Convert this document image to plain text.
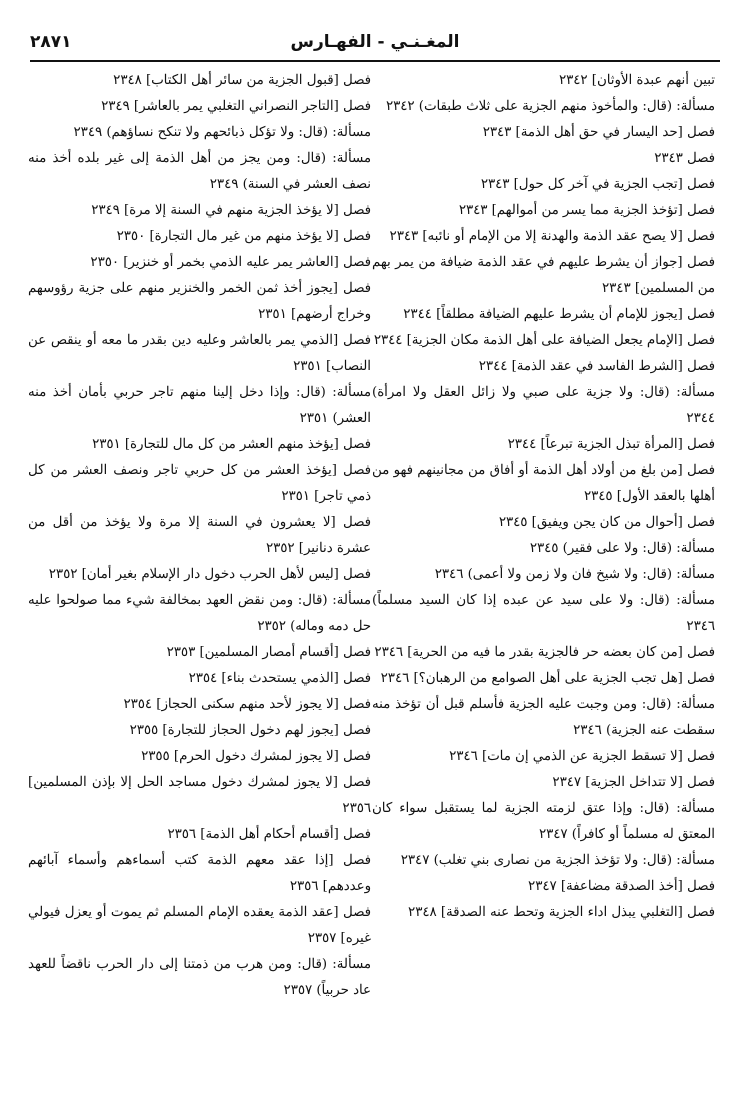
المغـنـي - الفهـارس
٢٨٧١

تبين أنهم عبدة الأوثان] ٢٣٤٢

مسألة: (قال: والمأخوذ منهم الجزية على ثلاث طبقات) ٢٣٤٢

فصل [حد اليسار في حق أهل الذمة] ٢٣٤٣

فصل ٢٣٤٣

فصل [تجب الجزية في آخر كل حول] ٢٣٤٣

فصل [تؤخذ الجزية مما يسر من أموالهم] ٢٣٤٣

فصل [لا يصح عقد الذمة والهدنة إلا من الإمام أو نائبه] ٢٣٤٣

فصل [جواز أن يشرط عليهم في عقد الذمة ضيافة من يمر بهم من المسلمين] ٢٣٤٣

فصل [يجوز للإمام أن يشرط عليهم الضيافة مطلقاً] ٢٣٤٤

فصل [الإمام يجعل الضيافة على أهل الذمة مكان الجزية] ٢٣٤٤

فصل [الشرط الفاسد في عقد الذمة] ٢٣٤٤

مسألة: (قال: ولا جزية على صبي ولا زائل العقل ولا امرأة) ٢٣٤٤

فصل [المرأة تبذل الجزية تبرعاً] ٢٣٤٤

فصل [من بلغ من أولاد أهل الذمة أو أفاق من مجانينهم فهو من أهلها بالعقد الأول] ٢٣٤٥

فصل [أحوال من كان يجن ويفيق] ٢٣٤٥

مسألة: (قال: ولا على فقير) ٢٣٤٥

مسألة: (قال: ولا شيخ فان ولا زمن ولا أعمى) ٢٣٤٦

مسألة: (قال: ولا على سيد عن عبده إذا كان السيد مسلماً) ٢٣٤٦

فصل [من كان بعضه حر فالجزية بقدر ما فيه من الحرية] ٢٣٤٦

فصل [هل تجب الجزية على أهل الصوامع من الرهبان؟] ٢٣٤٦

مسألة: (قال: ومن وجبت عليه الجزية فأسلم قبل أن تؤخذ منه سقطت عنه الجزية) ٢٣٤٦

فصل [لا تسقط الجزية عن الذمي إن مات] ٢٣٤٦

فصل [لا تتداخل الجزية] ٢٣٤٧

مسألة: (قال: وإذا عتق لزمته الجزية لما يستقبل سواء كان المعتق له مسلماً أو كافراً) ٢٣٤٧

مسألة: (قال: ولا تؤخذ الجزية من نصارى بني تغلب) ٢٣٤٧

فصل [أخذ الصدقة مضاعفة] ٢٣٤٧

فصل [التغلبي يبذل اداء الجزية وتحط عنه الصدقة] ٢٣٤٨

فصل [قبول الجزية من سائر أهل الكتاب] ٢٣٤٨

فصل [التاجر النصراني التغلبي يمر بالعاشر] ٢٣٤٩

مسألة: (قال: ولا تؤكل ذبائحهم ولا تنكح نساؤهم) ٢٣٤٩

مسألة: (قال: ومن يجز من أهل الذمة إلى غير بلده أخذ منه نصف العشر في السنة) ٢٣٤٩

فصل [لا يؤخذ الجزية منهم في السنة إلا مرة] ٢٣٤٩

فصل [لا يؤخذ منهم من غير مال التجارة] ٢٣٥٠

فصل [العاشر يمر عليه الذمي بخمر أو خنزير] ٢٣٥٠

فصل [يجوز أخذ ثمن الخمر والخنزير منهم على جزية رؤوسهم وخراج أرضهم] ٢٣٥١

فصل [الذمي يمر بالعاشر وعليه دين بقدر ما معه أو ينقص عن النصاب] ٢٣٥١

مسألة: (قال: وإذا دخل إلينا منهم تاجر حربي بأمان أخذ منه العشر) ٢٣٥١

فصل [يؤخذ منهم العشر من كل مال للتجارة] ٢٣٥١

فصل [يؤخذ العشر من كل حربي تاجر ونصف العشر من كل ذمي تاجر] ٢٣٥١

فصل [لا يعشرون في السنة إلا مرة ولا يؤخذ من أقل من عشرة دنانير] ٢٣٥٢

فصل [ليس لأهل الحرب دخول دار الإسلام بغير أمان] ٢٣٥٢

مسألة: (قال: ومن نقض العهد بمخالفة شيء مما صولحوا عليه حل دمه وماله) ٢٣٥٢

فصل [أقسام أمصار المسلمين] ٢٣٥٣

فصل [الذمي يستحدث بناء] ٢٣٥٤

فصل [لا يجوز لأحد منهم سكنى الحجاز] ٢٣٥٤

فصل [يجوز لهم دخول الحجاز للتجارة] ٢٣٥٥

فصل [لا يجوز لمشرك دخول الحرم] ٢٣٥٥

فصل [لا يجوز لمشرك دخول مساجد الحل إلا بإذن المسلمين] ٢٣٥٦

فصل [أقسام أحكام أهل الذمة] ٢٣٥٦

فصل [إذا عقد معهم الذمة كتب أسماءهم وأسماء آبائهم وعددهم] ٢٣٥٦

فصل [عقد الذمة يعقده الإمام المسلم ثم يموت أو يعزل فيولي غيره] ٢٣٥٧

مسألة: (قال: ومن هرب من ذمتنا إلى دار الحرب ناقضاً للعهد عاد حربياً) ٢٣٥٧
